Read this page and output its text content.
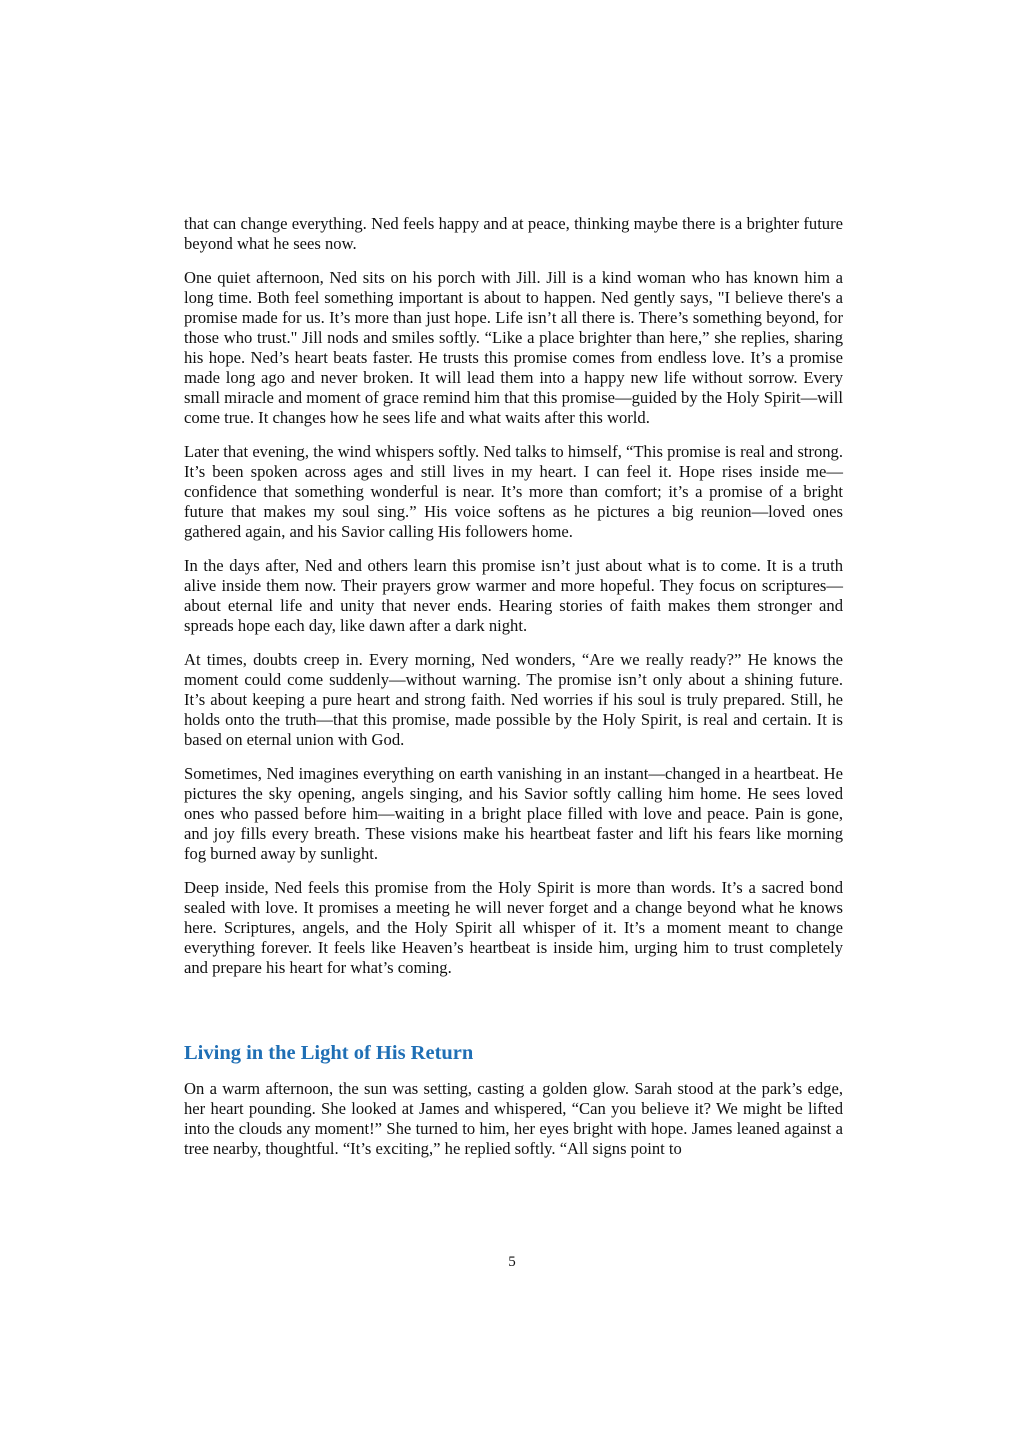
that can change everything. Ned feels happy and at peace, thinking maybe there is a brighter future beyond what he sees now.

One quiet afternoon, Ned sits on his porch with Jill. Jill is a kind woman who has known him a long time. Both feel something important is about to happen. Ned gently says, "I believe there's a promise made for us. It’s more than just hope. Life isn’t all there is. There’s something beyond, for those who trust." Jill nods and smiles softly. “Like a place brighter than here,” she replies, sharing his hope. Ned’s heart beats faster. He trusts this promise comes from endless love. It’s a promise made long ago and never broken. It will lead them into a happy new life without sorrow. Every small miracle and moment of grace remind him that this promise—guided by the Holy Spirit—will come true. It changes how he sees life and what waits after this world.

Later that evening, the wind whispers softly. Ned talks to himself, “This promise is real and strong. It’s been spoken across ages and still lives in my heart. I can feel it. Hope rises inside me—confidence that something wonderful is near. It’s more than comfort; it’s a promise of a bright future that makes my soul sing.” His voice softens as he pictures a big reunion—loved ones gathered again, and his Savior calling His followers home.

In the days after, Ned and others learn this promise isn’t just about what is to come. It is a truth alive inside them now. Their prayers grow warmer and more hopeful. They focus on scriptures—about eternal life and unity that never ends. Hearing stories of faith makes them stronger and spreads hope each day, like dawn after a dark night.

At times, doubts creep in. Every morning, Ned wonders, “Are we really ready?” He knows the moment could come suddenly—without warning. The promise isn’t only about a shining future. It’s about keeping a pure heart and strong faith. Ned worries if his soul is truly prepared. Still, he holds onto the truth—that this promise, made possible by the Holy Spirit, is real and certain. It is based on eternal union with God.

Sometimes, Ned imagines everything on earth vanishing in an instant—changed in a heartbeat. He pictures the sky opening, angels singing, and his Savior softly calling him home. He sees loved ones who passed before him—waiting in a bright place filled with love and peace. Pain is gone, and joy fills every breath. These visions make his heartbeat faster and lift his fears like morning fog burned away by sunlight.

Deep inside, Ned feels this promise from the Holy Spirit is more than words. It’s a sacred bond sealed with love. It promises a meeting he will never forget and a change beyond what he knows here. Scriptures, angels, and the Holy Spirit all whisper of it. It’s a moment meant to change everything forever. It feels like Heaven’s heartbeat is inside him, urging him to trust completely and prepare his heart for what’s coming.

Living in the Light of His Return

On a warm afternoon, the sun was setting, casting a golden glow. Sarah stood at the park’s edge, her heart pounding. She looked at James and whispered, “Can you believe it? We might be lifted into the clouds any moment!” She turned to him, her eyes bright with hope. James leaned against a tree nearby, thoughtful. “It’s exciting,” he replied softly. “All signs point to

5
